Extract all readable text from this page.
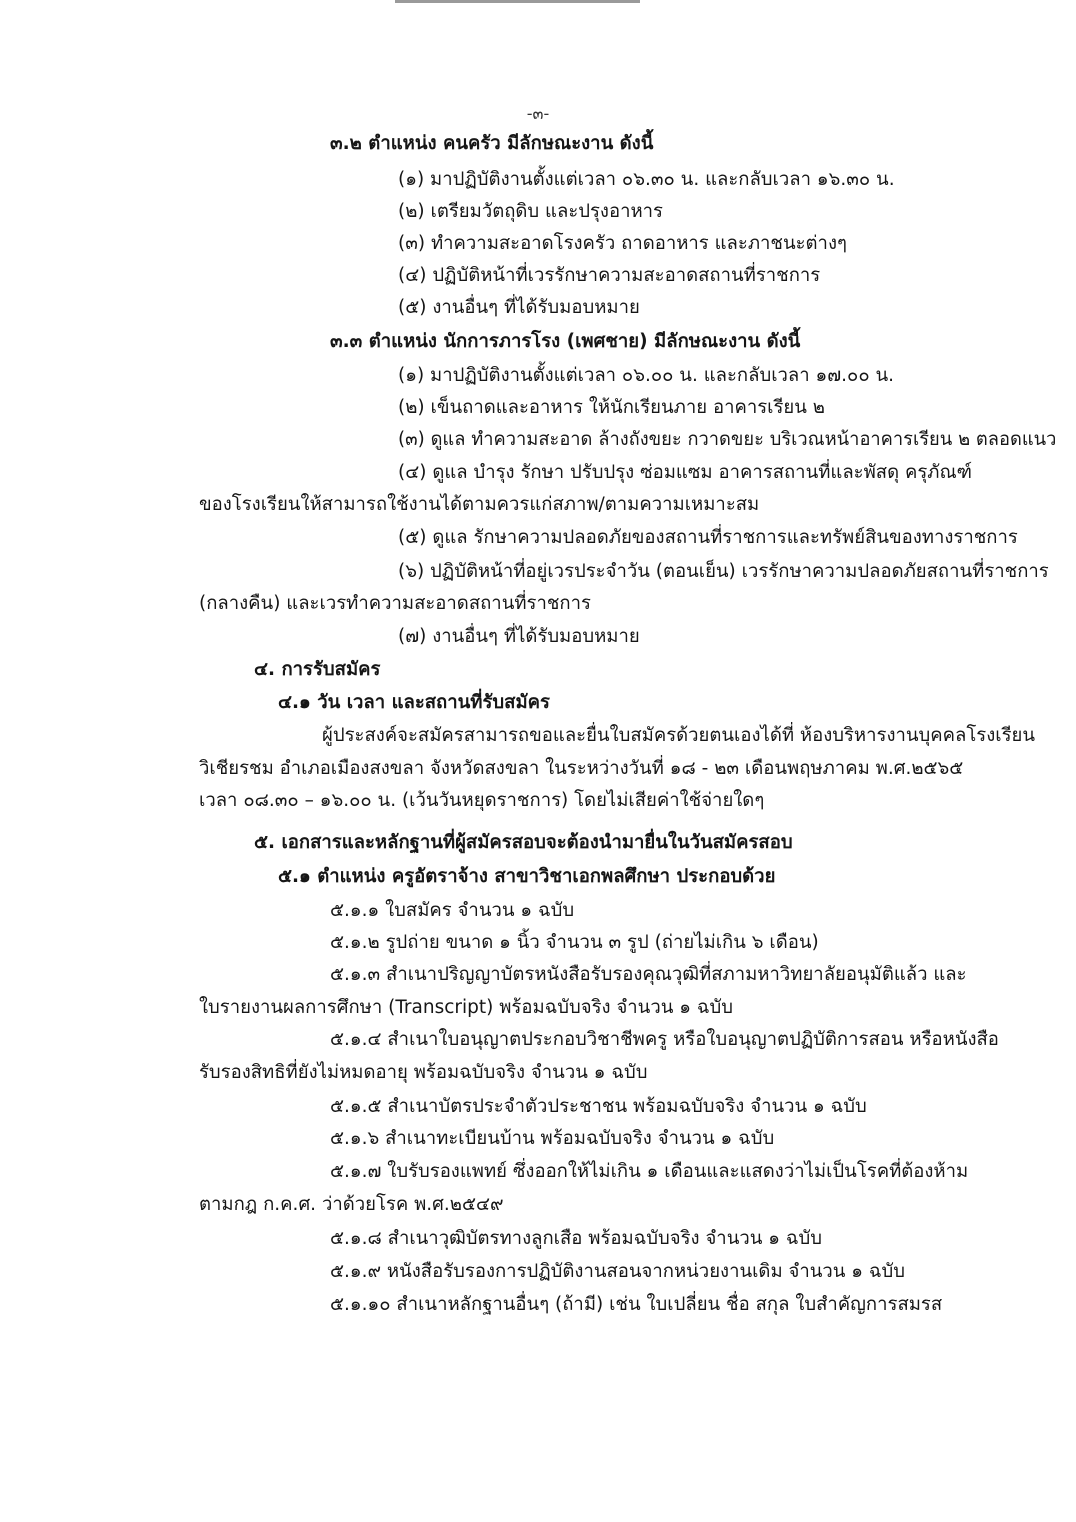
-๓-
๓.๒ ตำแหน่ง คนครัว มีลักษณะงาน ดังนี้
(๑) มาปฏิบัติงานตั้งแต่เวลา ๐๖.๓๐ น. และกลับเวลา ๑๖.๓๐ น.
(๒) เตรียมวัตถุดิบ และปรุงอาหาร
(๓) ทำความสะอาดโรงครัว ถาดอาหาร และภาชนะต่างๆ
(๔) ปฏิบัติหน้าที่เวรรักษาความสะอาดสถานที่ราชการ
(๕) งานอื่นๆ ที่ได้รับมอบหมาย
๓.๓ ตำแหน่ง นักการภารโรง (เพศชาย) มีลักษณะงาน ดังนี้
(๑) มาปฏิบัติงานตั้งแต่เวลา ๐๖.๐๐ น. และกลับเวลา ๑๗.๐๐ น.
(๒) เข็นถาดและอาหาร ให้นักเรียนภาย อาคารเรียน ๒
(๓) ดูแล ทำความสะอาด ล้างถังขยะ กวาดขยะ บริเวณหน้าอาคารเรียน ๒ ตลอดแนว
(๔) ดูแล บำรุง รักษา ปรับปรุง ซ่อมแซม อาคารสถานที่และพัสดุ ครุภัณฑ์
ของโรงเรียนให้สามารถใช้งานได้ตามควรแก่สภาพ/ตามความเหมาะสม
(๕) ดูแล รักษาความปลอดภัยของสถานที่ราชการและทรัพย์สินของทางราชการ
(๖) ปฏิบัติหน้าที่อยู่เวรประจำวัน (ตอนเย็น) เวรรักษาความปลอดภัยสถานที่ราชการ
(กลางคืน) และเวรทำความสะอาดสถานที่ราชการ
(๗) งานอื่นๆ ที่ได้รับมอบหมาย
๔. การรับสมัคร
๔.๑ วัน เวลา และสถานที่รับสมัคร
ผู้ประสงค์จะสมัครสามารถขอและยื่นใบสมัครด้วยตนเองได้ที่ ห้องบริหารงานบุคคลโรงเรียน
วิเชียรชม อำเภอเมืองสงขลา จังหวัดสงขลา ในระหว่างวันที่ ๑๘ - ๒๓ เดือนพฤษภาคม พ.ศ.๒๕๖๕
เวลา ๐๘.๓๐ – ๑๖.๐๐ น. (เว้นวันหยุดราชการ) โดยไม่เสียค่าใช้จ่ายใดๆ
๕. เอกสารและหลักฐานที่ผู้สมัครสอบจะต้องนำมายื่นในวันสมัครสอบ
๕.๑ ตำแหน่ง ครูอัตราจ้าง สาขาวิชาเอกพลศึกษา ประกอบด้วย
๕.๑.๑ ใบสมัคร จำนวน ๑ ฉบับ
๕.๑.๒ รูปถ่าย ขนาด ๑ นิ้ว จำนวน ๓ รูป (ถ่ายไม่เกิน ๖ เดือน)
๕.๑.๓ สำเนาปริญญาบัตรหนังสือรับรองคุณวุฒิที่สภามหาวิทยาลัยอนุมัติแล้ว และ
ใบรายงานผลการศึกษา (Transcript) พร้อมฉบับจริง จำนวน ๑ ฉบับ
๕.๑.๔ สำเนาใบอนุญาตประกอบวิชาชีพครู หรือใบอนุญาตปฏิบัติการสอน หรือหนังสือ
รับรองสิทธิที่ยังไม่หมดอายุ พร้อมฉบับจริง จำนวน ๑ ฉบับ
๕.๑.๕ สำเนาบัตรประจำตัวประชาชน พร้อมฉบับจริง จำนวน ๑ ฉบับ
๕.๑.๖ สำเนาทะเบียนบ้าน พร้อมฉบับจริง จำนวน ๑ ฉบับ
๕.๑.๗ ใบรับรองแพทย์ ซึ่งออกให้ไม่เกิน ๑ เดือนและแสดงว่าไม่เป็นโรคที่ต้องห้าม
ตามกฎ ก.ค.ศ. ว่าด้วยโรค พ.ศ.๒๕๔๙
๕.๑.๘ สำเนาวุฒิบัตรทางลูกเสือ พร้อมฉบับจริง จำนวน ๑ ฉบับ
๕.๑.๙ หนังสือรับรองการปฏิบัติงานสอนจากหน่วยงานเดิม จำนวน ๑ ฉบับ
๕.๑.๑๐ สำเนาหลักฐานอื่นๆ (ถ้ามี) เช่น ใบเปลี่ยน ชื่อ สกุล ใบสำคัญการสมรส
